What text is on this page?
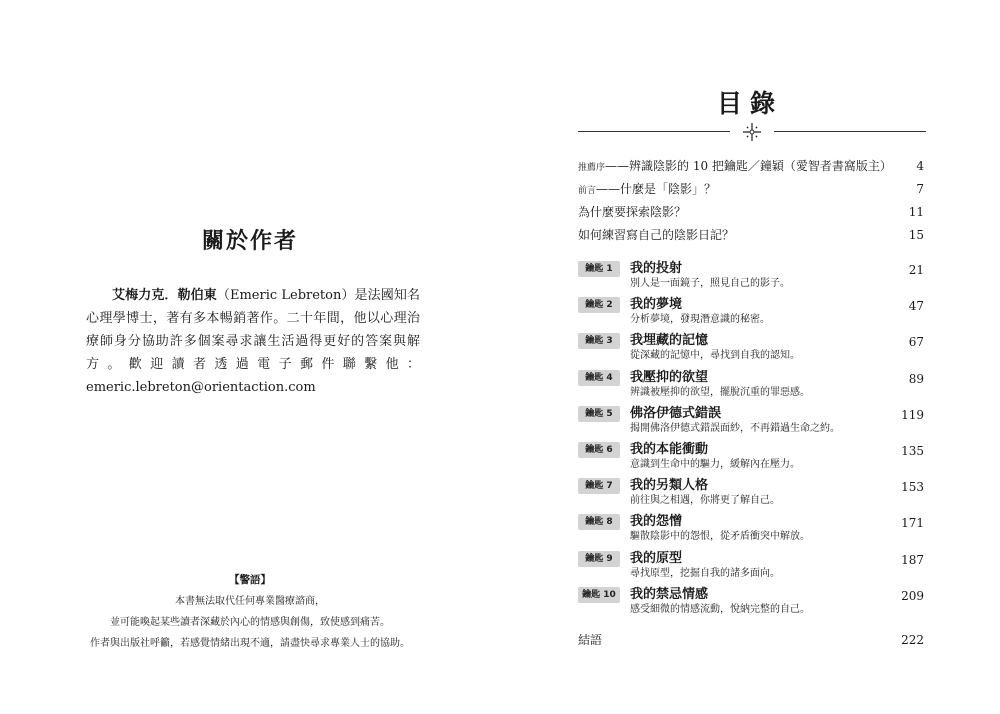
關於作者

艾梅力克．勒伯東（Emeric Lebreton）是法國知名心理學博士，著有多本暢銷著作。二十年間，他以心理治療師身分協助許多個案尋求讓生活過得更好的答案與解方。歡迎讀者透過電子郵件聯繫他：emeric.lebreton@orientaction.com

【警語】
本書無法取代任何專業醫療諮商，
並可能喚起某些讀者深藏於內心的情感與創傷，致使感到痛苦。
作者與出版社呼籲，若感覺情緒出現不適，請盡快尋求專業人士的協助。
目錄
推薦序——辨識陰影的 10 把鑰匙／鐘穎（愛智者書窩版主） 4
前言——什麼是「陰影」？	7
為什麼要探索陰影？	11
如何練習寫自己的陰影日記？	15
鑰匙 1	我的投射
別人是一面鏡子，照見自己的影子。
21
鑰匙 2	我的夢境
分析夢境，發現潛意識的秘密。
47
鑰匙 3	我埋藏的記憶
從深藏的記憶中，尋找到自我的認知。
67
鑰匙 4	我壓抑的欲望
辨識被壓抑的欲望，擺脫沉重的罪惡感。
89
鑰匙 5	佛洛伊德式錯誤
揭開佛洛伊德式錯誤面紗，不再錯過生命之約。
119
鑰匙 6	我的本能衝動
意識到生命中的驅力，緩解內在壓力。
135
鑰匙 7	我的另類人格
前往與之相遇，你將更了解自己。
153
鑰匙 8	我的怨憎
驅散陰影中的怨恨，從矛盾衝突中解放。
171
鑰匙 9	我的原型
尋找原型，挖掘自我的諸多面向。
187
鑰匙 10	我的禁忌情感
感受細微的情感流動，悅納完整的自己。
209
結語	222
